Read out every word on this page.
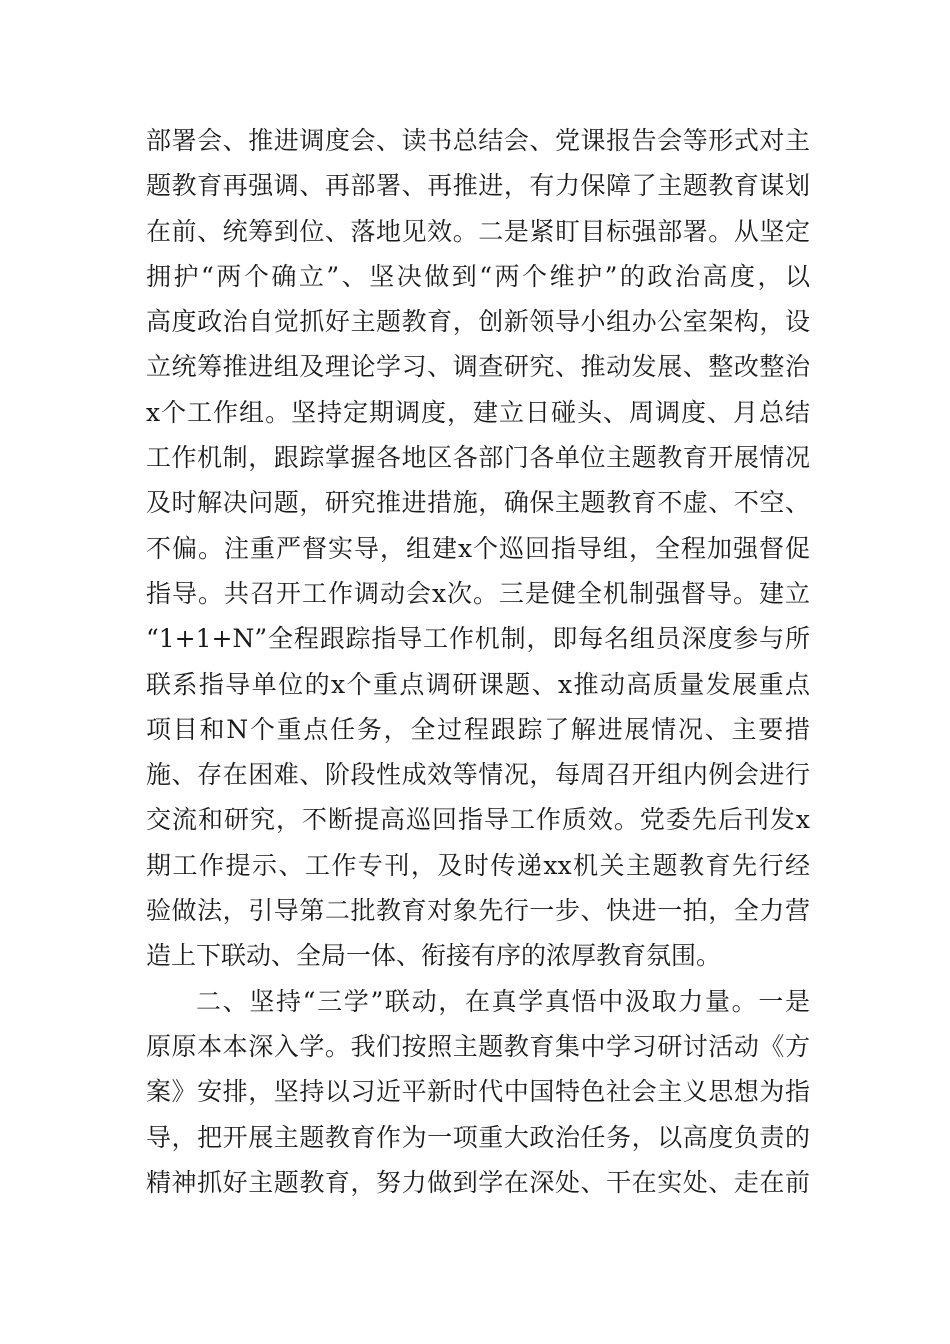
部署会、推进调度会、读书总结会、党课报告会等形式对主
题教育再强调、再部署、再推进，有力保障了主题教育谋划
在前、统筹到位、落地见效。二是紧盯目标强部署。从坚定
拥护“两个确立”、坚决做到“两个维护”的政治高度，以
高度政治自觉抓好主题教育，创新领导小组办公室架构，设
立统筹推进组及理论学习、调查研究、推动发展、整改整治
x个工作组。坚持定期调度，建立日碰头、周调度、月总结
工作机制，跟踪掌握各地区各部门各单位主题教育开展情况
及时解决问题，研究推进措施，确保主题教育不虚、不空、
不偏。注重严督实导，组建x个巡回指导组，全程加强督促
指导。共召开工作调动会x次。三是健全机制强督导。建立
“1+1+N”全程跟踪指导工作机制，即每名组员深度参与所
联系指导单位的x个重点调研课题、x推动高质量发展重点
项目和N个重点任务，全过程跟踪了解进展情况、主要措
施、存在困难、阶段性成效等情况，每周召开组内例会进行
交流和研究，不断提高巡回指导工作质效。党委先后刊发x
期工作提示、工作专刊，及时传递xx机关主题教育先行经
验做法，引导第二批教育对象先行一步、快进一拍，全力营
造上下联动、全局一体、衔接有序的浓厚教育氛围。
二、坚持“三学”联动，在真学真悟中汲取力量。一是
原原本本深入学。我们按照主题教育集中学习研讨活动《方
案》安排，坚持以习近平新时代中国特色社会主义思想为指
导，把开展主题教育作为一项重大政治任务，以高度负责的
精神抓好主题教育，努力做到学在深处、干在实处、走在前
